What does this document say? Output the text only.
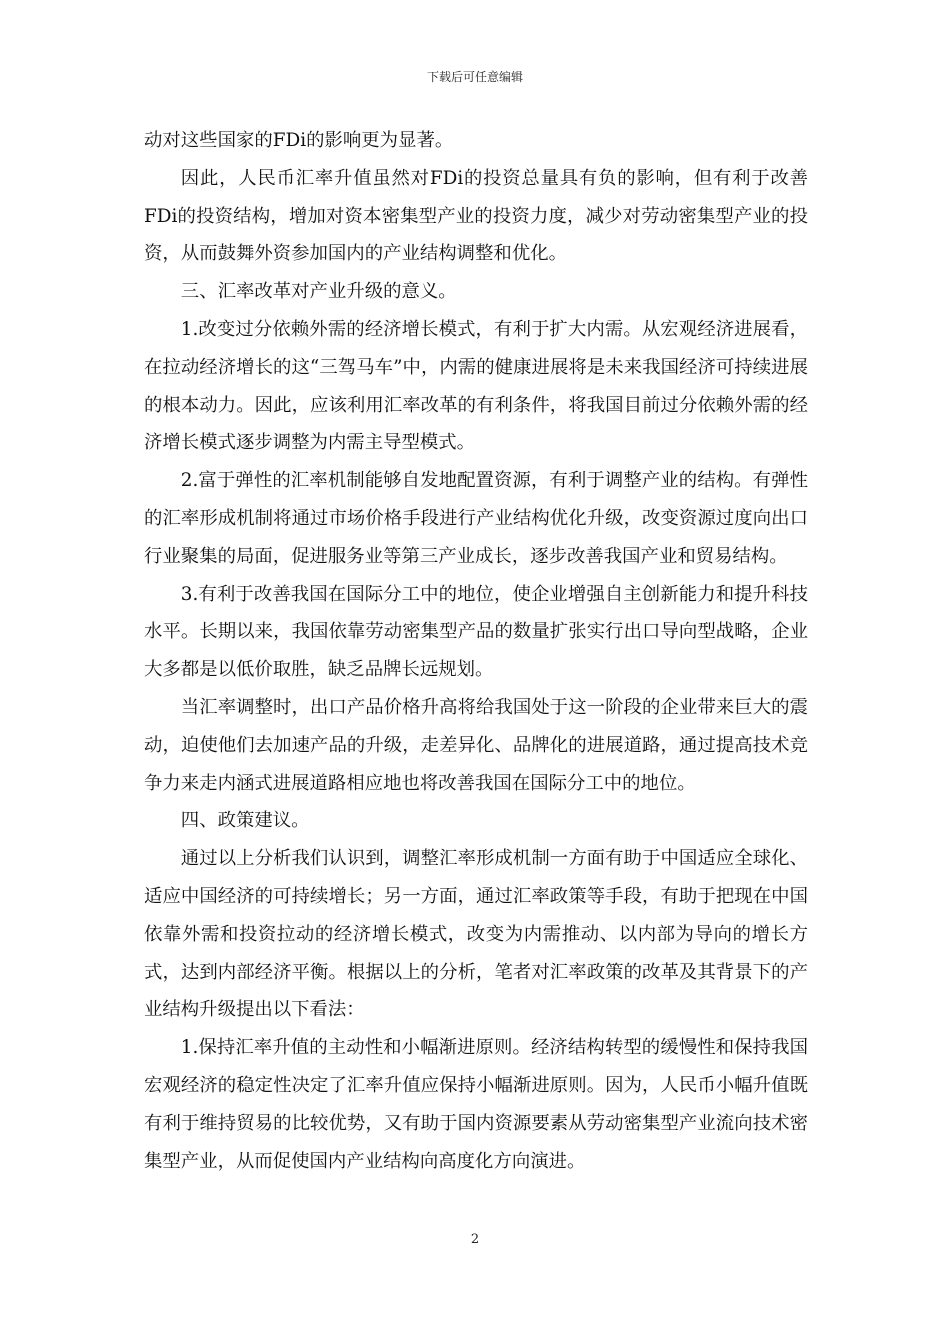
下载后可任意编辑

动对这些国家的FDi的影响更为显著。

因此，人民币汇率升值虽然对FDi的投资总量具有负的影响，但有利于改善FDi的投资结构，增加对资本密集型产业的投资力度，减少对劳动密集型产业的投资，从而鼓舞外资参加国内的产业结构调整和优化。

三、汇率改革对产业升级的意义。

1.改变过分依赖外需的经济增长模式，有利于扩大内需。从宏观经济进展看，在拉动经济增长的这“三驾马车”中，内需的健康进展将是未来我国经济可持续进展的根本动力。因此，应该利用汇率改革的有利条件，将我国目前过分依赖外需的经济增长模式逐步调整为内需主导型模式。

2.富于弹性的汇率机制能够自发地配置资源，有利于调整产业的结构。有弹性的汇率形成机制将通过市场价格手段进行产业结构优化升级，改变资源过度向出口行业聚集的局面，促进服务业等第三产业成长，逐步改善我国产业和贸易结构。

3.有利于改善我国在国际分工中的地位，使企业增强自主创新能力和提升科技水平。长期以来，我国依靠劳动密集型产品的数量扩张实行出口导向型战略，企业大多都是以低价取胜，缺乏品牌长远规划。

当汇率调整时，出口产品价格升高将给我国处于这一阶段的企业带来巨大的震动，迫使他们去加速产品的升级，走差异化、品牌化的进展道路，通过提高技术竞争力来走内涵式进展道路相应地也将改善我国在国际分工中的地位。

四、政策建议。

通过以上分析我们认识到，调整汇率形成机制一方面有助于中国适应全球化、适应中国经济的可持续增长；另一方面，通过汇率政策等手段，有助于把现在中国依靠外需和投资拉动的经济增长模式，改变为内需推动、以内部为导向的增长方式，达到内部经济平衡。根据以上的分析，笔者对汇率政策的改革及其背景下的产业结构升级提出以下看法：

1.保持汇率升值的主动性和小幅渐进原则。经济结构转型的缓慢性和保持我国宏观经济的稳定性决定了汇率升值应保持小幅渐进原则。因为，人民币小幅升值既有利于维持贸易的比较优势，又有助于国内资源要素从劳动密集型产业流向技术密集型产业，从而促使国内产业结构向高度化方向演进。

2
